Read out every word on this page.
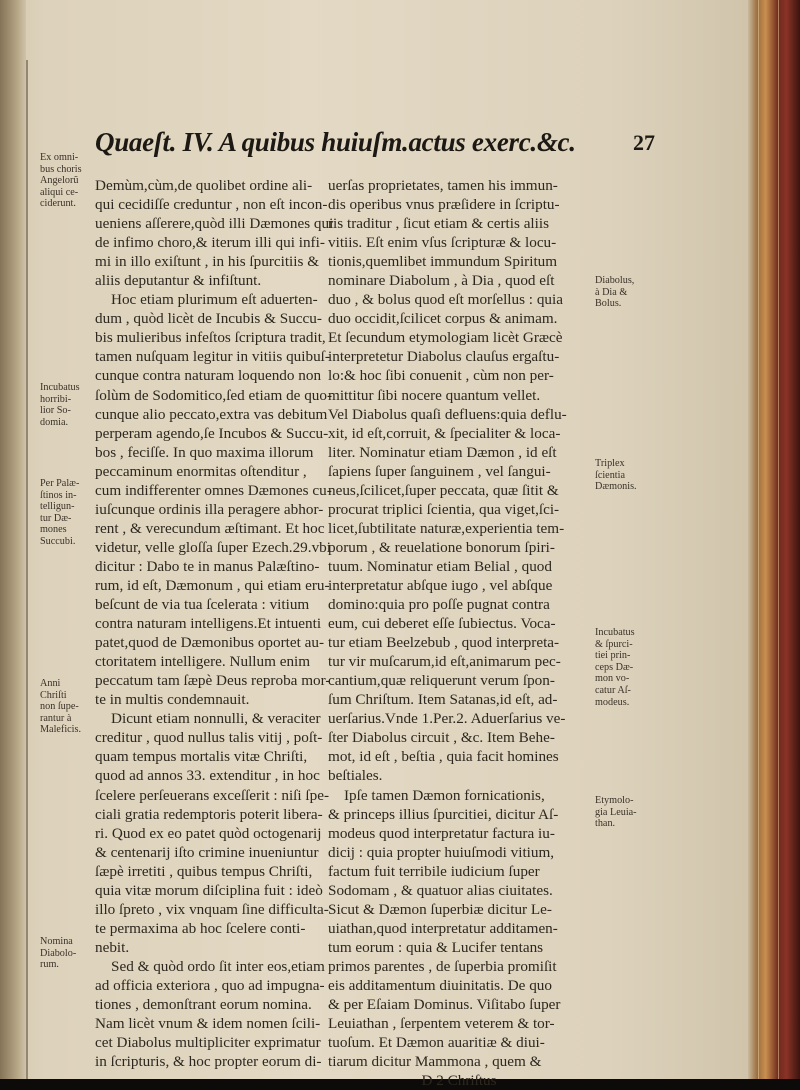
Quaeſt. IV. A quibus huiuſm.actus exerc.&c.	27
Demùm,cùm,de quolibet ordine ali-
qui cecidiſſe creduntur , non eſt incon-
ueniens aſſerere,quòd illi Dæmones qui
de infimo choro,& iterum illi qui infi-
mi in illo exiſtunt , in his ſpurcitiis &
aliis deputantur & infiſtunt.
Hoc etiam plurimum eſt aduerten-
dum , quòd licèt de Incubis & Succu-
bis mulieribus infeſtos ſcriptura tradit,
tamen nuſquam legitur in vitiis quibuſ-
cunque contra naturam loquendo non
ſolùm de Sodomitico,ſed etiam de quo-
cunque alio peccato,extra vas debitum
perperam agendo,ſe Incubos & Succu-
bos , feciſſe. In quo maxima illorum
peccaminum enormitas oſtenditur ,
cum indifferenter omnes Dæmones cu-
iuſcunque ordinis illa peragere abhor-
rent , & verecundum æſtimant. Et hoc
videtur, velle gloſſa ſuper Ezech.29.vbi
dicitur : Dabo te in manus Palæſtino-
rum, id eſt, Dæmonum , qui etiam eru-
beſcunt de via tua ſcelerata : vitium
contra naturam intelligens.Et intuenti
patet,quod de Dæmonibus oportet au-
ctoritatem intelligere. Nullum enim
peccatum tam ſæpè Deus reproba mor-
te in multis condemnauit.
Dicunt etiam nonnulli, & veraciter
creditur , quod nullus talis vitij , poſt-
quam tempus mortalis vitæ Chriſti,
quod ad annos 33. extenditur , in hoc
ſcelere perſeuerans exceſſerit : niſi ſpe-
ciali gratia redemptoris poterit libera-
ri. Quod ex eo patet quòd octogenarij
& centenarij iſto crimine inueniuntur
ſæpè irretiti , quibus tempus Chriſti,
quia vitæ morum diſciplina fuit : ideò
illo ſpreto , vix vnquam ſine difficulta-
te permaxima ab hoc ſcelere conti-
nebit.
Sed & quòd ordo ſit inter eos,etiam
ad officia exteriora , quo ad impugna-
tiones , demonſtrant eorum nomina.
Nam licèt vnum & idem nomen ſcili-
cet Diabolus multipliciter exprimatur
in ſcripturis, & hoc propter eorum di-
uerſas proprietates, tamen his immun-
dis operibus vnus præſidere in ſcriptu-
ris traditur , ſicut etiam & certis aliis
vitiis. Eſt enim vſus ſcripturæ & locu-
tionis,quemlibet immundum Spiritum
nominare Diabolum , à Dia , quod eſt
duo , & bolus quod eſt morſellus : quia
duo occidit,ſcilicet corpus & animam.
Et ſecundum etymologiam licèt Græcè
interpretetur Diabolus clauſus ergaſtu-
lo:& hoc ſibi conuenit , cùm non per-
mittitur ſibi nocere quantum vellet.
Vel Diabolus quaſi defluens:quia deflu-
xit, id eſt,corruit, & ſpecialiter & loca-
liter. Nominatur etiam Dæmon , id eſt
ſapiens ſuper ſanguinem , vel ſangui-
neus,ſcilicet,ſuper peccata, quæ ſitit &
procurat triplici ſcientia, qua viget,ſci-
licet,ſubtilitate naturæ,experientia tem-
porum , & reuelatione bonorum ſpiri-
tuum. Nominatur etiam Belial , quod
interpretatur abſque iugo , vel abſque
domino:quia pro poſſe pugnat contra
eum, cui deberet eſſe ſubiectus. Voca-
tur etiam Beelzebub , quod interpreta-
tur vir muſcarum,id eſt,animarum pec-
cantium,quæ reliquerunt verum ſpon-
ſum Chriſtum. Item Satanas,id eſt, ad-
uerſarius.Vnde 1.Per.2. Aduerſarius ve-
ſter Diabolus circuit , &c. Item Behe-
mot, id eſt , beſtia , quia facit homines
beſtiales.
Ipſe tamen Dæmon fornicationis,
& princeps illius ſpurcitiei, dicitur Aſ-
modeus quod interpretatur factura iu-
dicij : quia propter huiuſmodi vitium,
factum fuit terribile iudicium ſuper
Sodomam , & quatuor alias ciuitates.
Sicut & Dæmon ſuperbiæ dicitur Le-
uiathan,quod interpretatur additamen-
tum eorum : quia & Lucifer tentans
primos parentes , de ſuperbia promiſit
eis additamentum diuinitatis. De quo
& per Eſaiam Dominus. Viſitabo ſuper
Leuiathan , ſerpentem veterem & tor-
tuoſum. Et Dæmon auaritiæ & diui-
tiarum dicitur Mammona , quem &
D 2 Chriſtus
Ex omni-
bus choris
Angelorũ
aliqui ce-
ciderunt.
Incubatus
horribi-
lior So-
domia.
Per Palæ-
ſtinos in-
telligun-
tur Dæ-
mones
Succubi.
Anni
Chriſti
non ſupe-
rantur à
Maleficis.
Nomina
Diabolo-
rum.
Diabolus,
à Dia &
Bolus.
Triplex
ſcientia
Dæmonis.
Incubatus
& ſpurci-
tiei prin-
ceps Dæ-
mon vo-
catur Aſ-
modeus.
Etymolo-
gia Leuia-
than.
